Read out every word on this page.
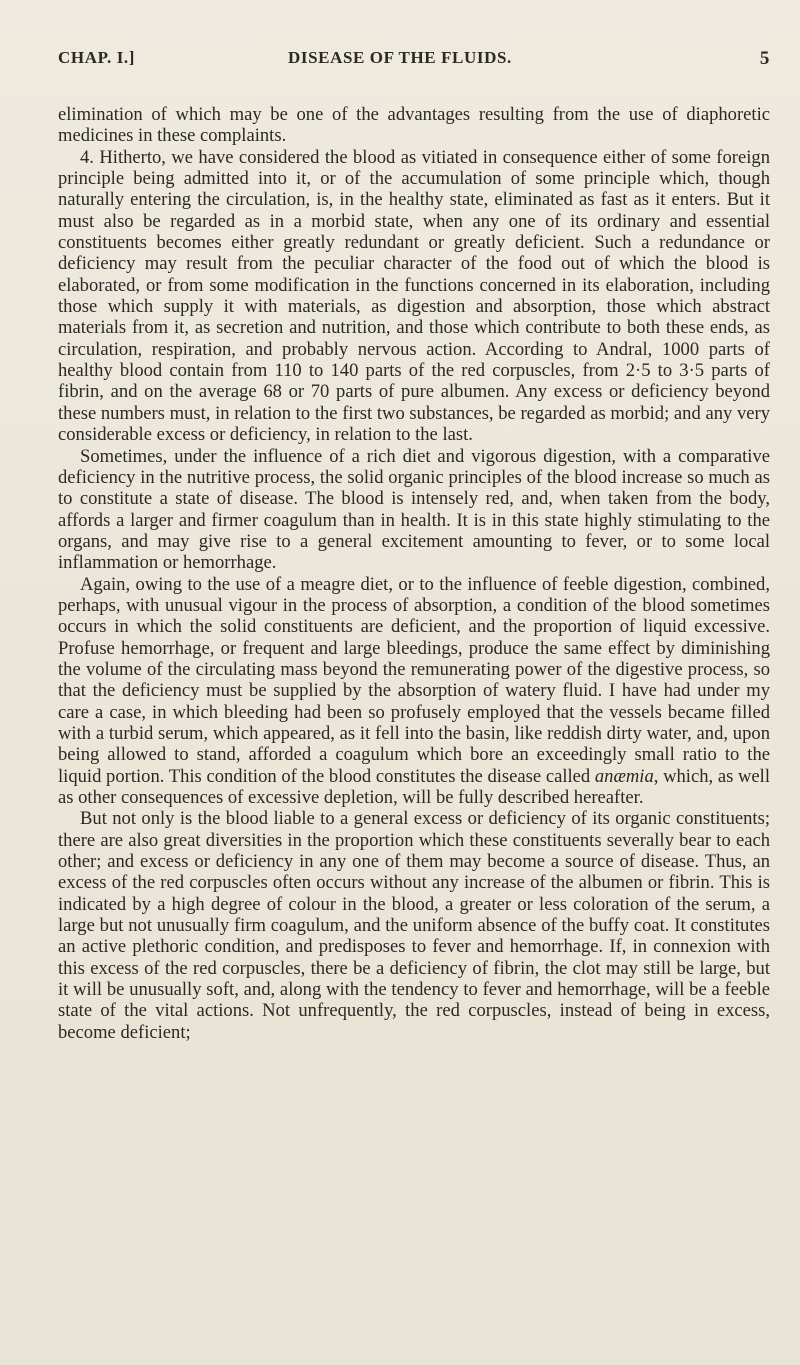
CHAP. I.]	DISEASE OF THE FLUIDS.	5

elimination of which may be one of the advantages resulting from the use of diaphoretic medicines in these complaints.

4. Hitherto, we have considered the blood as vitiated in consequence either of some foreign principle being admitted into it, or of the accumulation of some principle which, though naturally entering the circulation, is, in the healthy state, eliminated as fast as it enters. But it must also be regarded as in a morbid state, when any one of its ordinary and essential constituents becomes either greatly redundant or greatly deficient. Such a redundance or deficiency may result from the peculiar character of the food out of which the blood is elaborated, or from some modification in the functions concerned in its elaboration, including those which supply it with materials, as digestion and absorption, those which abstract materials from it, as secretion and nutrition, and those which contribute to both these ends, as circulation, respiration, and probably nervous action. According to Andral, 1000 parts of healthy blood contain from 110 to 140 parts of the red corpuscles, from 2·5 to 3·5 parts of fibrin, and on the average 68 or 70 parts of pure albumen. Any excess or deficiency beyond these numbers must, in relation to the first two substances, be regarded as morbid; and any very considerable excess or deficiency, in relation to the last.

Sometimes, under the influence of a rich diet and vigorous digestion, with a comparative deficiency in the nutritive process, the solid organic principles of the blood increase so much as to constitute a state of disease. The blood is intensely red, and, when taken from the body, affords a larger and firmer coagulum than in health. It is in this state highly stimulating to the organs, and may give rise to a general excitement amounting to fever, or to some local inflammation or hemorrhage.

Again, owing to the use of a meagre diet, or to the influence of feeble digestion, combined, perhaps, with unusual vigour in the process of absorption, a condition of the blood sometimes occurs in which the solid constituents are deficient, and the proportion of liquid excessive. Profuse hemorrhage, or frequent and large bleedings, produce the same effect by diminishing the volume of the circulating mass beyond the remunerating power of the digestive process, so that the deficiency must be supplied by the absorption of watery fluid. I have had under my care a case, in which bleeding had been so profusely employed that the vessels became filled with a turbid serum, which appeared, as it fell into the basin, like reddish dirty water, and, upon being allowed to stand, afforded a coagulum which bore an exceedingly small ratio to the liquid portion. This condition of the blood constitutes the disease called anæmia, which, as well as other consequences of excessive depletion, will be fully described hereafter.

But not only is the blood liable to a general excess or deficiency of its organic constituents; there are also great diversities in the proportion which these constituents severally bear to each other; and excess or deficiency in any one of them may become a source of disease. Thus, an excess of the red corpuscles often occurs without any increase of the albumen or fibrin. This is indicated by a high degree of colour in the blood, a greater or less coloration of the serum, a large but not unusually firm coagulum, and the uniform absence of the buffy coat. It constitutes an active plethoric condition, and predisposes to fever and hemorrhage. If, in connexion with this excess of the red corpuscles, there be a deficiency of fibrin, the clot may still be large, but it will be unusually soft, and, along with the tendency to fever and hemorrhage, will be a feeble state of the vital actions. Not unfrequently, the red corpuscles, instead of being in excess, become deficient;
